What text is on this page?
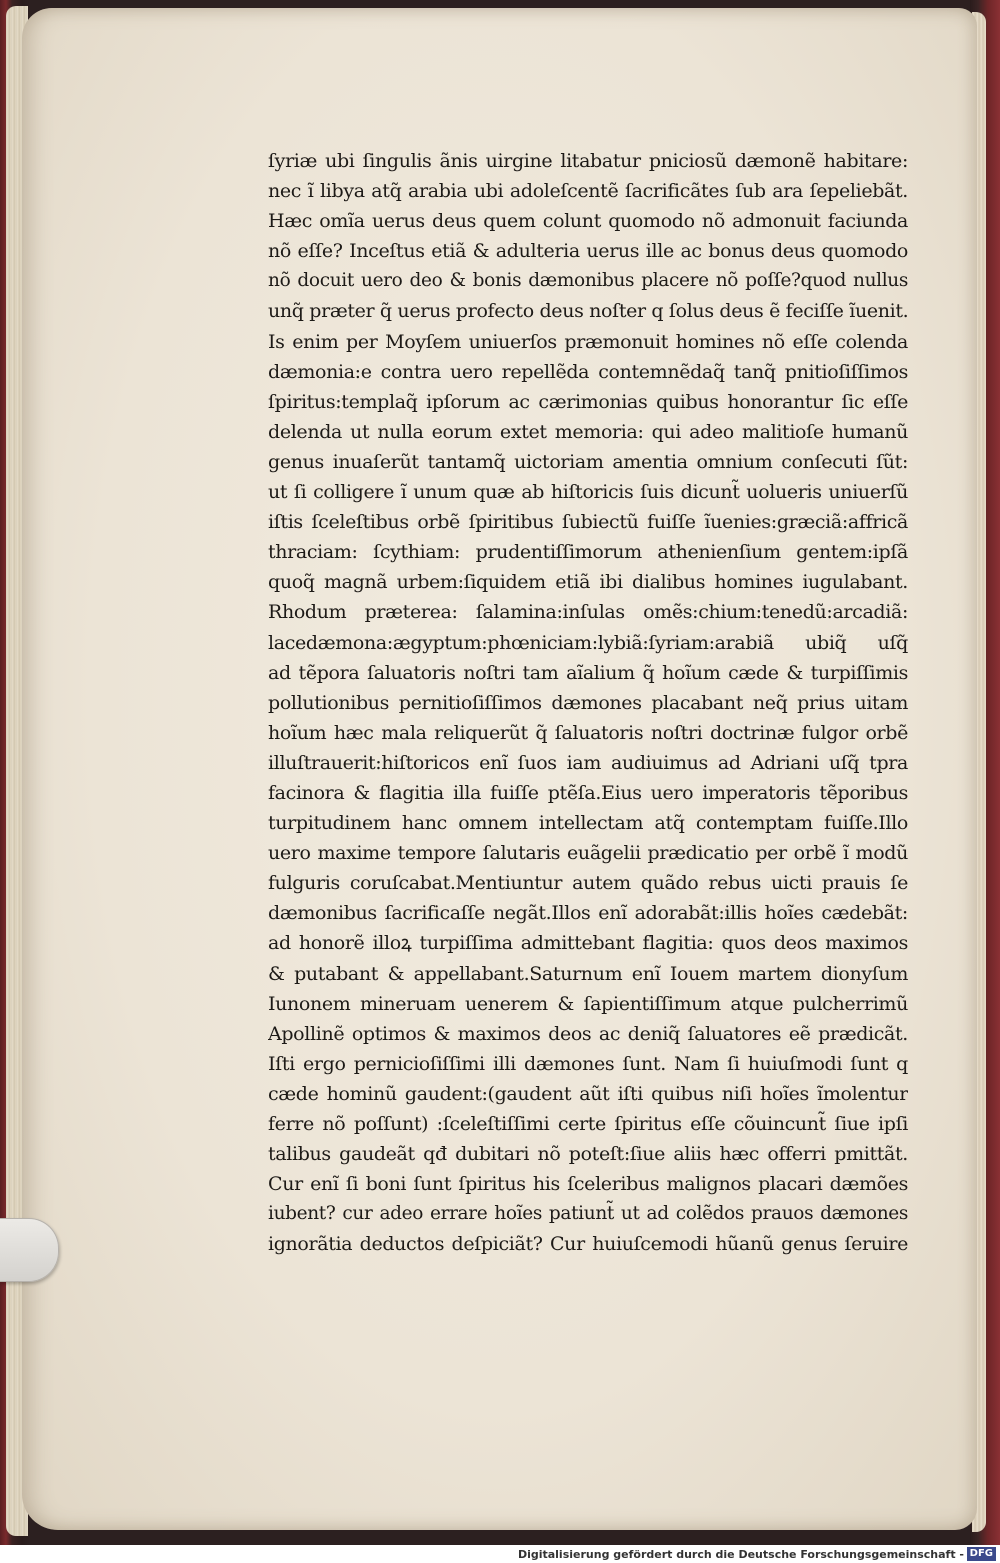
ſyriæ ubi ſingulis ãnis uirgine litabatur pniciosũ dæmonẽ habitare:
nec ĩ libya atq̃ arabia ubi adoleſcentẽ ſacrificãtes ſub ara ſepeliebãt.
Hæc omĩa uerus deus quem colunt quomodo nõ admonuit faciunda
nõ eſſe? Inceſtus etiã & adulteria uerus ille ac bonus deus quomodo
nõ docuit uero deo & bonis dæmonibus placere nõ poſſe?quod nullus
unq̃ præter q̃ uerus profecto deus noſter q ſolus deus ẽ feciſſe ĩuenit.
Is enim per Moyſem uniuerſos præmonuit homines nõ eſſe colenda
dæmonia:e contra uero repellẽda contemnẽdaq̃ tanq̃ pnitioſiſſimos
ſpiritus:templaq̃ ipſorum ac cærimonias quibus honorantur ſic eſſe
delenda ut nulla eorum extet memoria: qui adeo malitioſe humanũ
genus inuaſerũt tantamq̃ uictoriam amentia omnium conſecuti ſũt:
ut ſi colligere ĩ unum quæ ab hiſtoricis ſuis dicunt̃ uolueris uniuerſũ
iſtis ſceleſtibus orbẽ ſpiritibus ſubiectũ fuiſſe ĩuenies:græciã:affricã
thraciam: ſcythiam: prudentiſſimorum athenienſium gentem:ipſã
quoq̃ magnã urbem:ſiquidem etiã ibi dialibus homines iugulabant.
Rhodum præterea: ſalamina:inſulas omẽs:chium:tenedũ:arcadiã:
lacedæmona:ægyptum:phœniciam:lybiã:ſyriam:arabiã ubiq̃ uſq̃
ad tẽpora ſaluatoris noſtri tam aĩalium q̃ hoĩum cæde & turpiſſimis
pollutionibus pernitioſiſſimos dæmones placabant neq̃ prius uitam
hoĩum hæc mala reliquerũt q̃ ſaluatoris noſtri doctrinæ fulgor orbẽ
illuſtrauerit:hiſtoricos enĩ ſuos iam audiuimus ad Adriani uſq̃ tpra
facinora & flagitia illa fuiſſe ptẽſa.Eius uero imperatoris tẽporibus
turpitudinem hanc omnem intellectam atq̃ contemptam fuiſſe.Illo
uero maxime tempore ſalutaris euãgelii prædicatio per orbẽ ĩ modũ
fulguris coruſcabat.Mentiuntur autem quãdo rebus uicti prauis ſe
dæmonibus ſacrificaſſe negãt.Illos enĩ adorabãt:illis hoĩes cædebãt:
ad honorẽ illoꝝ turpiſſima admittebant flagitia: quos deos maximos
& putabant & appellabant.Saturnum enĩ Iouem martem dionyſum
Iunonem mineruam uenerem & ſapientiſſimum atque pulcherrimũ
Apollinẽ optimos & maximos deos ac deniq̃ ſaluatores eẽ prædicãt.
Iſti ergo pernicioſiſſimi illi dæmones ſunt. Nam ſi huiuſmodi ſunt q
cæde hominũ gaudent:(gaudent aũt iſti quibus niſi hoĩes ĩmolentur
ferre nõ poſſunt) :ſceleſtiſſimi certe ſpiritus eſſe cõuincunt̃ ſiue ipſi
talibus gaudeãt qđ dubitari nõ poteſt:ſiue aliis hæc offerri pmittãt.
Cur enĩ ſi boni ſunt ſpiritus his ſceleribus malignos placari dæmões
iubent? cur adeo errare hoĩes patiunt̃ ut ad colẽdos prauos dæmones
ignorãtia deductos deſpiciãt? Cur huiuſcemodi hũanũ genus ſeruire
Digitalisierung gefördert durch die Deutsche Forschungsgemeinschaft - DFG
